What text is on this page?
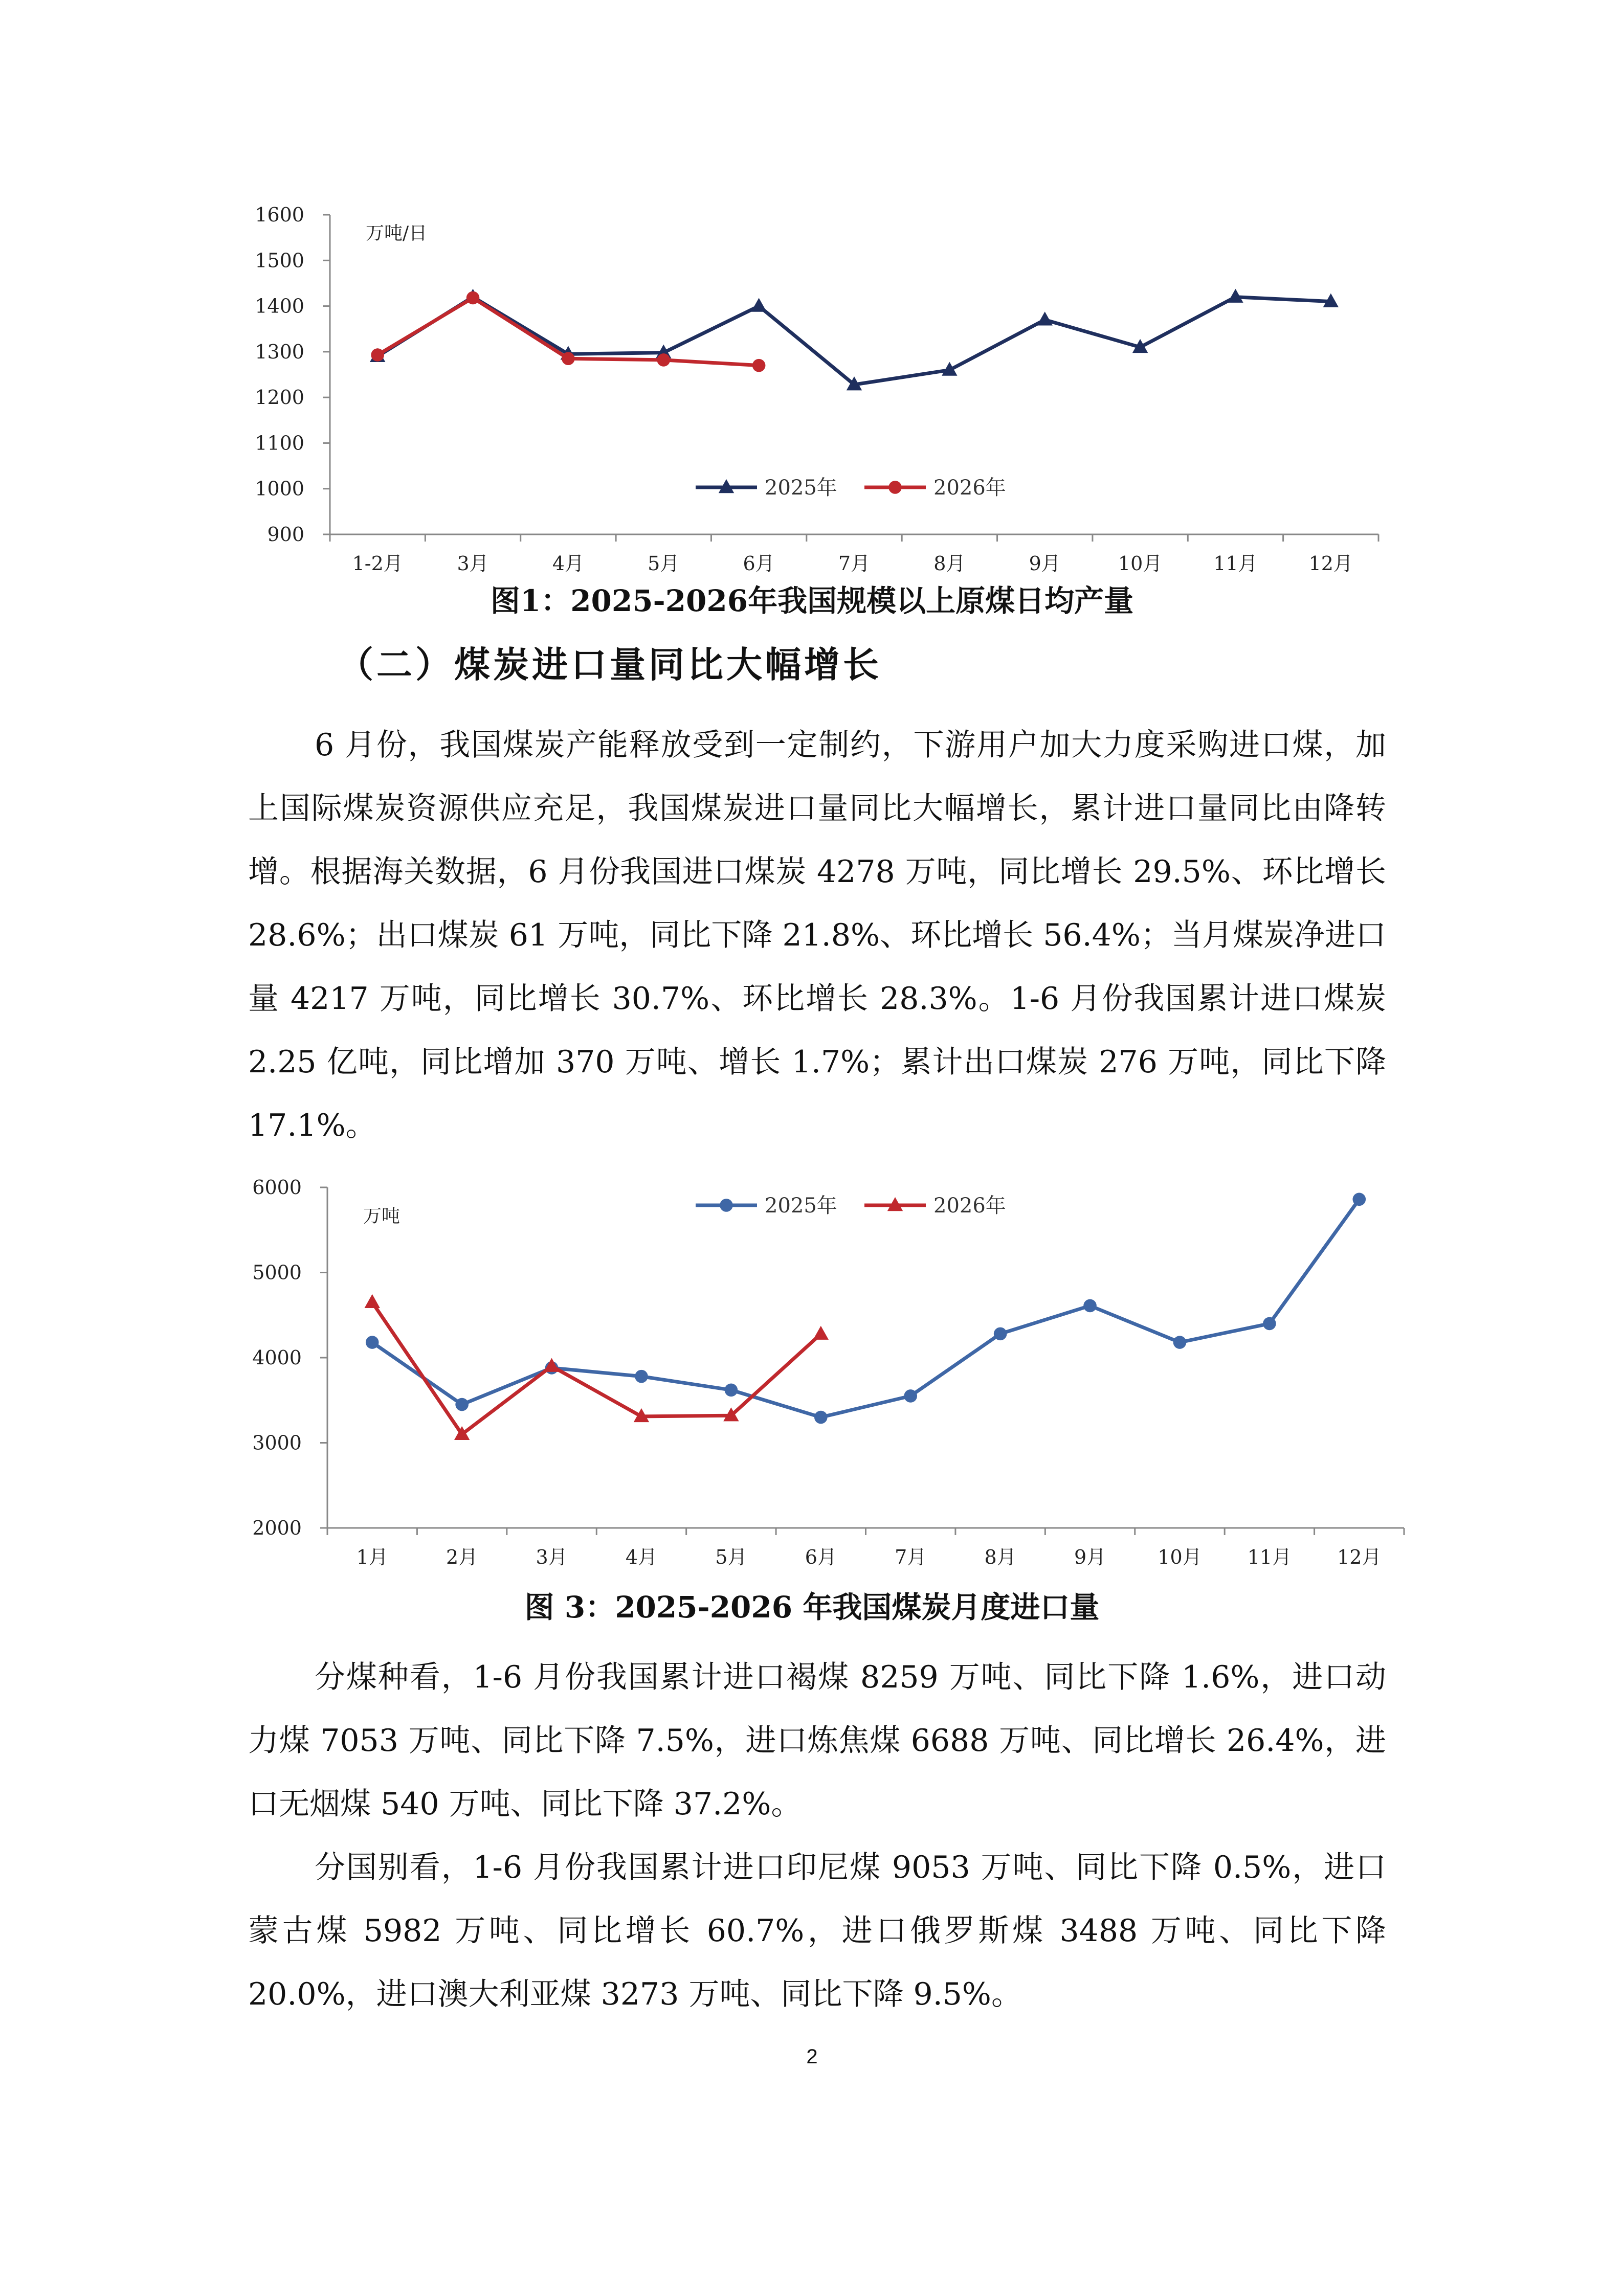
900
1000
1100
1200
1300
1400
1500
1600
1-2月	3月	4月	5月	6月	7月	8月	9月	10月	11月	12月
万吨/日
2025年	2026年
图1：2025-2026年我国规模以上原煤日均产量
（二）煤炭进口量同比大幅增长

6 月份，我国煤炭产能释放受到一定制约，下游用户加大力度采购进口煤，加上国际煤炭资源供应充足，我国煤炭进口量同比大幅增长，累计进口量同比由降转增。根据海关数据，6 月份我国进口煤炭 4278 万吨，同比增长 29.5%、环比增长 28.6%；出口煤炭 61 万吨，同比下降 21.8%、环比增长 56.4%；当月煤炭净进口量 4217 万吨，同比增长 30.7%、环比增长 28.3%。1-6 月份我国累计进口煤炭 2.25 亿吨，同比增加 370 万吨、增长 1.7%；累计出口煤炭 276 万吨，同比下降 17.1%。

2000
3000
4000
5000
6000
1月	2月	3月	4月	5月	6月	7月	8月	9月	10月 11月 12月
万吨	2025年	2026年
图 3：2025-2026 年我国煤炭月度进口量

分煤种看，1-6 月份我国累计进口褐煤 8259 万吨、同比下降 1.6%，进口动力煤 7053 万吨、同比下降 7.5%，进口炼焦煤 6688 万吨、同比增长 26.4%，进口无烟煤 540 万吨、同比下降 37.2%。

分国别看，1-6 月份我国累计进口印尼煤 9053 万吨、同比下降 0.5%，进口蒙古煤 5982 万吨、同比增长 60.7%，进口俄罗斯煤 3488 万吨、同比下降 20.0%，进口澳大利亚煤 3273 万吨、同比下降 9.5%。

2
